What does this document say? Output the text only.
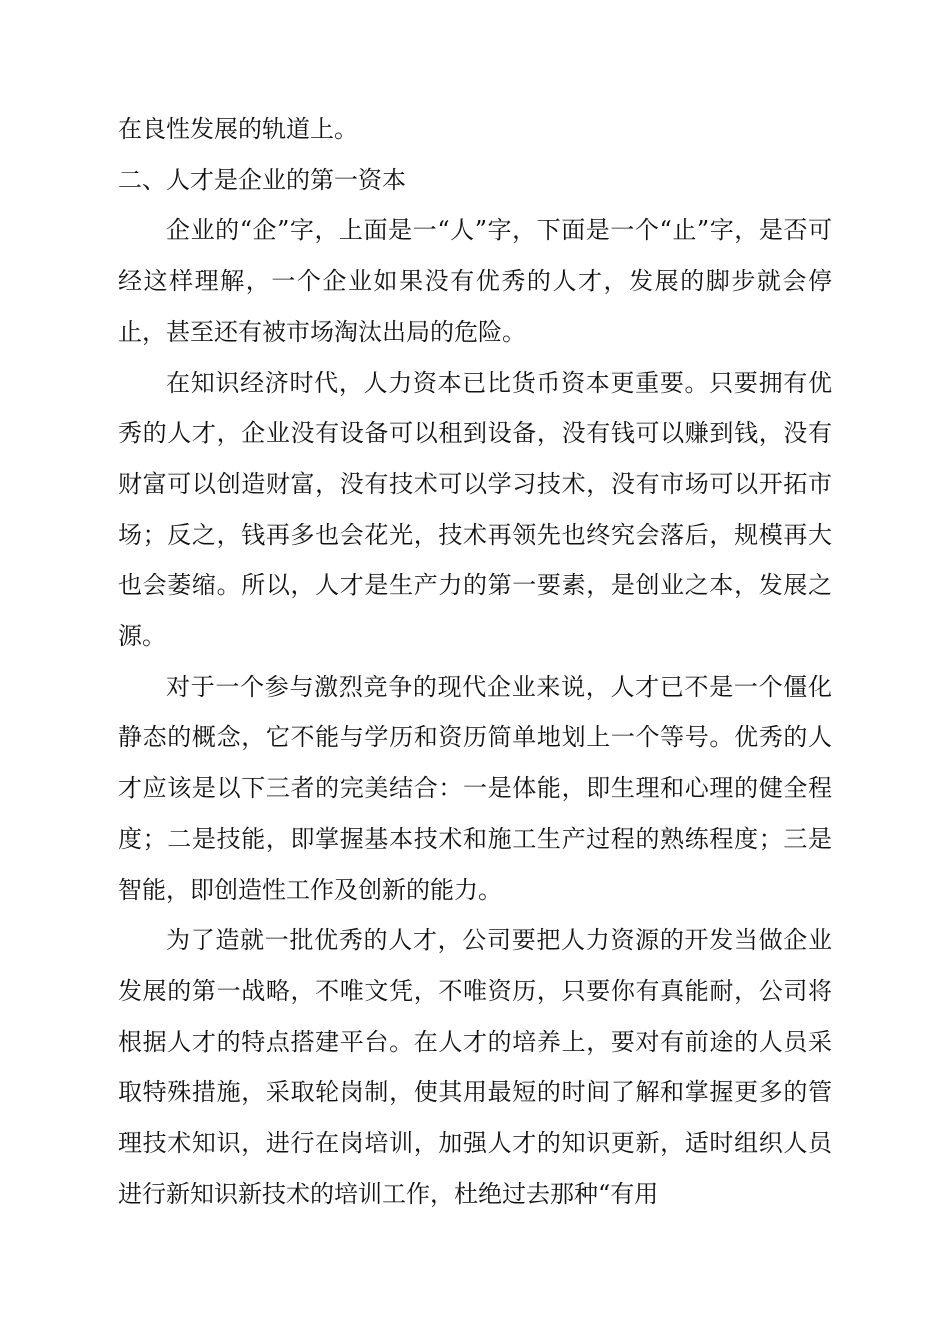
在良性发展的轨道上。

二、人才是企业的第一资本

企业的“企”字，上面是一“人”字，下面是一个“止”字，是否可经这样理解，一个企业如果没有优秀的人才，发展的脚步就会停止，甚至还有被市场淘汰出局的危险。

在知识经济时代，人力资本已比货币资本更重要。只要拥有优秀的人才，企业没有设备可以租到设备，没有钱可以赚到钱，没有财富可以创造财富，没有技术可以学习技术，没有市场可以开拓市场；反之，钱再多也会花光，技术再领先也终究会落后，规模再大也会萎缩。所以，人才是生产力的第一要素，是创业之本，发展之源。

对于一个参与激烈竞争的现代企业来说，人才已不是一个僵化静态的概念，它不能与学历和资历简单地划上一个等号。优秀的人才应该是以下三者的完美结合：一是体能，即生理和心理的健全程度；二是技能，即掌握基本技术和施工生产过程的熟练程度；三是智能，即创造性工作及创新的能力。

为了造就一批优秀的人才，公司要把人力资源的开发当做企业发展的第一战略，不唯文凭，不唯资历，只要你有真能耐，公司将根据人才的特点搭建平台。在人才的培养上，要对有前途的人员采取特殊措施，采取轮岗制，使其用最短的时间了解和掌握更多的管理技术知识，进行在岗培训，加强人才的知识更新，适时组织人员进行新知识新技术的培训工作，杜绝过去那种“有用
